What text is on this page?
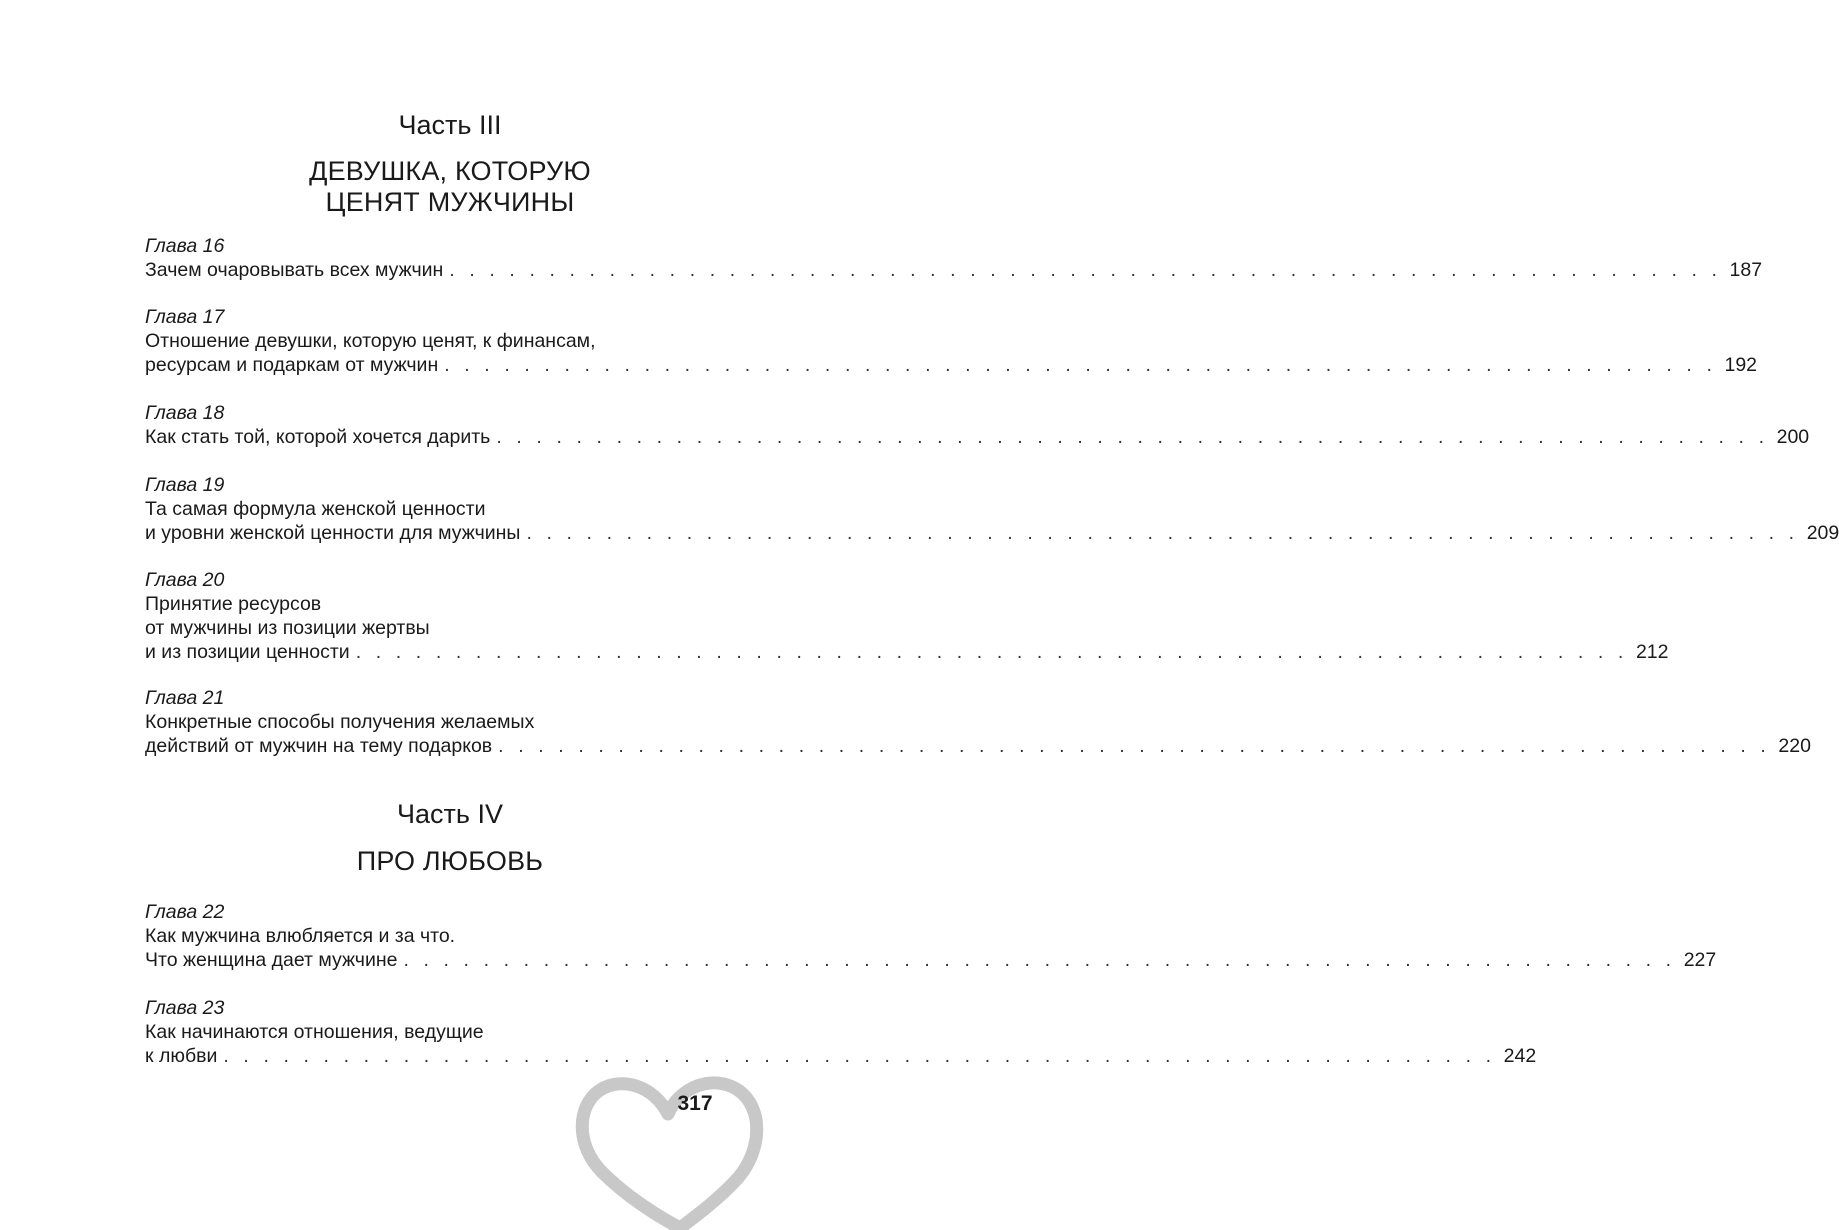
Часть III
ДЕВУШКА, КОТОРУЮ
ЦЕНЯТ МУЖЧИНЫ
Глава 16
Зачем очаровывать всех мужчин . . . . . . . . . . . . . . . . . . . . . . . . . . . . . . . . . . . . . . . . . . . . . . . . . . . . . . . . . . . . . . . . 187
Глава 17
Отношение девушки, которую ценят, к финансам,
ресурсам и подаркам от мужчин . . . . . . . . . . . . . . . . . . . . . . . . . . . . . . . . . . . . . . . . . . . . . . . . . . . . . . . . . . . . . . . . 192
Глава 18
Как стать той, которой хочется дарить . . . . . . . . . . . . . . . . . . . . . . . . . . . . . . . . . . . . . . . . . . . . . . . . . . . . . . . . . . . . . . . . 200
Глава 19
Та самая формула женской ценности
и уровни женской ценности для мужчины . . . . . . . . . . . . . . . . . . . . . . . . . . . . . . . . . . . . . . . . . . . . . . . . . . . . . . . . . . . . . . . . 209
Глава 20
Принятие ресурсов
от мужчины из позиции жертвы
и из позиции ценности . . . . . . . . . . . . . . . . . . . . . . . . . . . . . . . . . . . . . . . . . . . . . . . . . . . . . . . . . . . . . . . . 212
Глава 21
Конкретные способы получения желаемых
действий от мужчин на тему подарков . . . . . . . . . . . . . . . . . . . . . . . . . . . . . . . . . . . . . . . . . . . . . . . . . . . . . . . . . . . . . . . . 220
Часть IV
ПРО ЛЮБОВЬ
Глава 22
Как мужчина влюбляется и за что.
Что женщина дает мужчине . . . . . . . . . . . . . . . . . . . . . . . . . . . . . . . . . . . . . . . . . . . . . . . . . . . . . . . . . . . . . . . . 227
Глава 23
Как начинаются отношения, ведущие
к любви . . . . . . . . . . . . . . . . . . . . . . . . . . . . . . . . . . . . . . . . . . . . . . . . . . . . . . . . . . . . . . . . 242
317
